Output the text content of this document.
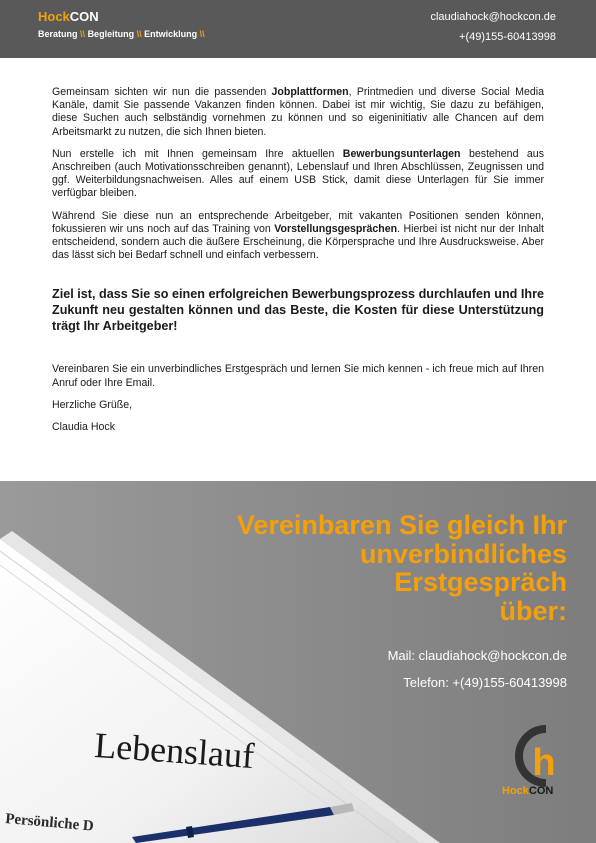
HockCON
Beratung \\ Begleitung \\ Entwicklung \\
claudiahock@hockcon.de
+(49)155-60413998

Gemeinsam sichten wir nun die passenden Jobplattformen, Printmedien und diverse Social Media Kanäle, damit Sie passende Vakanzen finden können. Dabei ist mir wichtig, Sie dazu zu befähigen, diese Suchen auch selbständig vornehmen zu können und so eigeninitiativ alle Chancen auf dem Arbeitsmarkt zu nutzen, die sich Ihnen bieten.

Nun erstelle ich mit Ihnen gemeinsam Ihre aktuellen Bewerbungsunterlagen bestehend aus Anschreiben (auch Motivationsschreiben genannt), Lebenslauf und Ihren Abschlüssen, Zeugnissen und ggf. Weiterbildungsnachweisen. Alles auf einem USB Stick, damit diese Unterlagen für Sie immer verfügbar bleiben.

Während Sie diese nun an entsprechende Arbeitgeber, mit vakanten Positionen senden können, fokussieren wir uns noch auf das Training von Vorstellungsgesprächen. Hierbei ist nicht nur der Inhalt entscheidend, sondern auch die äußere Erscheinung, die Körpersprache und Ihre Ausdrucksweise. Aber das lässt sich bei Bedarf schnell und einfach verbessern.

Ziel ist, dass Sie so einen erfolgreichen Bewerbungsprozess durchlaufen und Ihre Zukunft neu gestalten können und das Beste, die Kosten für diese Unterstützung trägt Ihr Arbeitgeber!

Vereinbaren Sie ein unverbindliches Erstgespräch und lernen Sie mich kennen - ich freue mich auf Ihren Anruf oder Ihre Email.

Herzliche Grüße,

Claudia Hock

Vereinbaren Sie gleich Ihr
unverbindliches
Erstgespräch
über:
Mail: claudiahock@hockcon.de
Telefon: +(49)155-60413998
Lebenslauf
Persönliche D
h
HockCON
